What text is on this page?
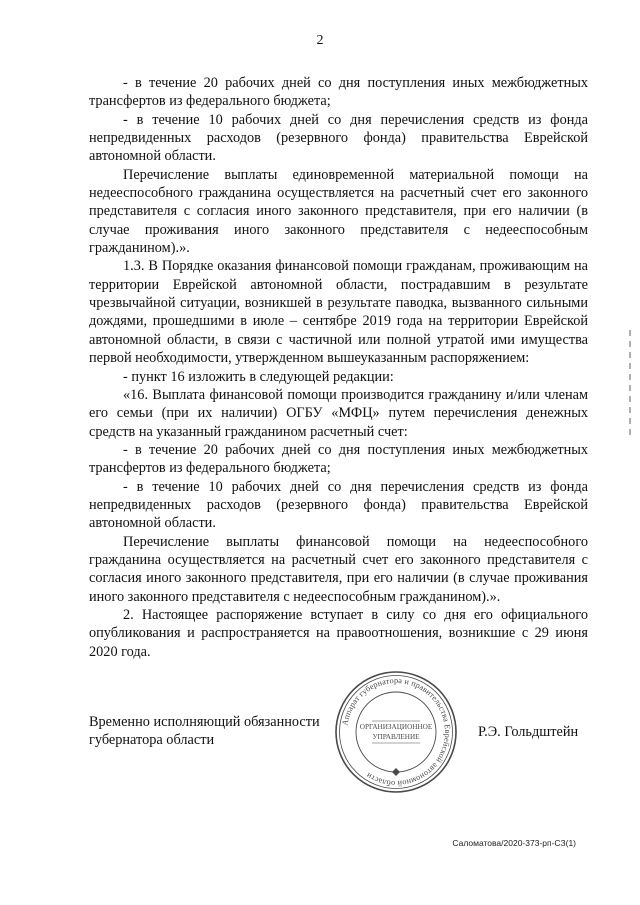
2

- в течение 20 рабочих дней со дня поступления иных межбюджетных трансфертов из федерального бюджета;

- в течение 10 рабочих дней со дня перечисления средств из фонда непредвиденных расходов (резервного фонда) правительства Еврейской автономной области.

Перечисление выплаты единовременной материальной помощи на недееспособного гражданина осуществляется на расчетный счет его законного представителя с согласия иного законного представителя, при его наличии (в случае проживания иного законного представителя с недееспособным гражданином).».

1.3. В Порядке оказания финансовой помощи гражданам, проживающим на территории Еврейской автономной области, пострадавшим в результате чрезвычайной ситуации, возникшей в результате паводка, вызванного сильными дождями, прошедшими в июле – сентябре 2019 года на территории Еврейской автономной области, в связи с частичной или полной утратой ими имущества первой необходимости, утвержденном вышеуказанным распоряжением:

- пункт 16 изложить в следующей редакции:

«16. Выплата финансовой помощи производится гражданину и/или членам его семьи (при их наличии) ОГБУ «МФЦ» путем перечисления денежных средств на указанный гражданином расчетный счет:

- в течение 20 рабочих дней со дня поступления иных межбюджетных трансфертов из федерального бюджета;

- в течение 10 рабочих дней со дня перечисления средств из фонда непредвиденных расходов (резервного фонда) правительства Еврейской автономной области.

Перечисление выплаты финансовой помощи на недееспособного гражданина осуществляется на расчетный счет его законного представителя с согласия иного законного представителя, при его наличии (в случае проживания иного законного представителя с недееспособным гражданином).».

2. Настоящее распоряжение вступает в силу со дня его официального опубликования и распространяется на правоотношения, возникшие с 29 июня 2020 года.

Временно исполняющий обязанности
губернатора области
Аппарат губернатора и правительства Еврейской автономной области
ОРГАНИЗАЦИОННОЕ
УПРАВЛЕНИЕ	Р.Э. Гольдштейн
Саломатова/2020-373-рп-СЗ(1)
